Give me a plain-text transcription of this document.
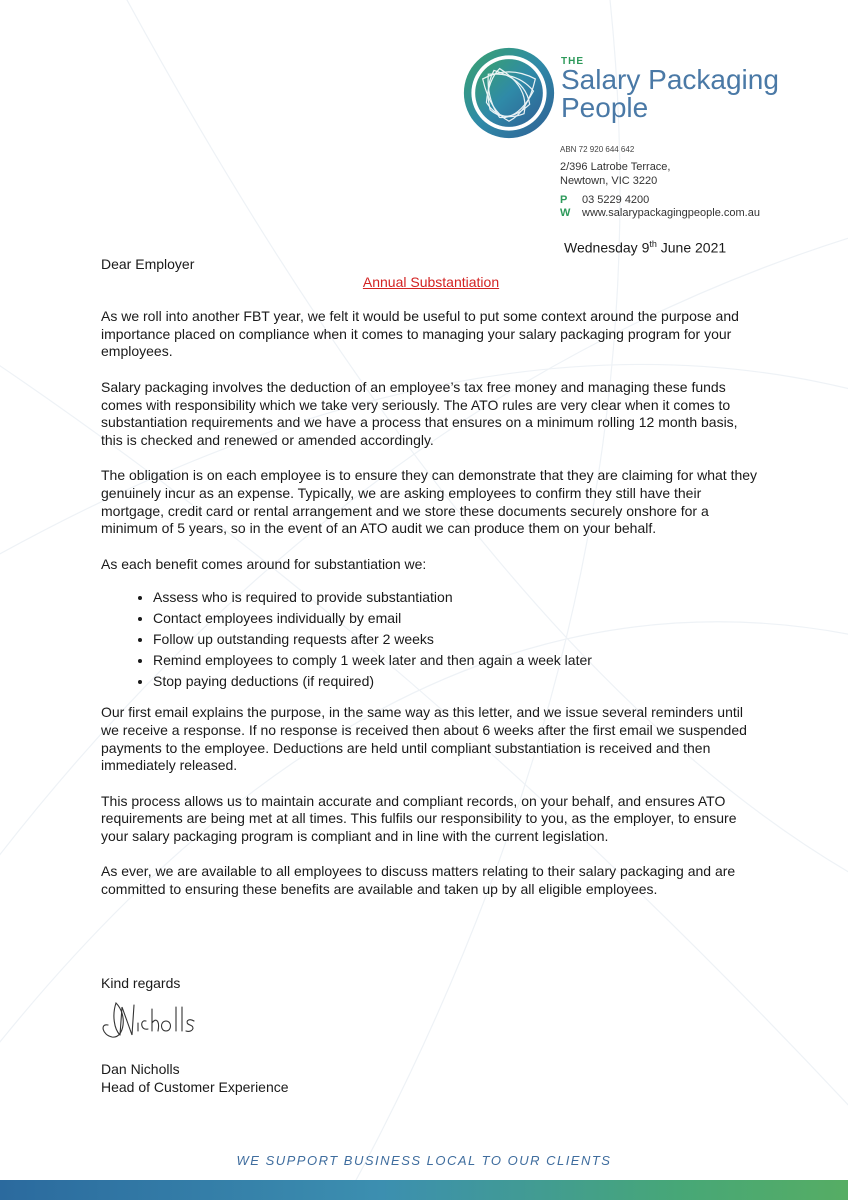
THE
Salary Packaging
People
ABN 72 920 644 642
2/396 Latrobe Terrace,
Newtown, VIC 3220
P 03 5229 4200
W www.salarypackagingpeople.com.au
Wednesday 9th June 2021

Dear Employer

Annual Substantiation

As we roll into another FBT year, we felt it would be useful to put some context around the purpose and importance placed on compliance when it comes to managing your salary packaging program for your employees.

Salary packaging involves the deduction of an employee’s tax free money and managing these funds comes with responsibility which we take very seriously. The ATO rules are very clear when it comes to substantiation requirements and we have a process that ensures on a minimum rolling 12 month basis, this is checked and renewed or amended accordingly.

The obligation is on each employee is to ensure they can demonstrate that they are claiming for what they genuinely incur as an expense. Typically, we are asking employees to confirm they still have their mortgage, credit card or rental arrangement and we store these documents securely onshore for a minimum of 5 years, so in the event of an ATO audit we can produce them on your behalf.

As each benefit comes around for substantiation we:

• Assess who is required to provide substantiation
• Contact employees individually by email
• Follow up outstanding requests after 2 weeks
• Remind employees to comply 1 week later and then again a week later
• Stop paying deductions (if required)

Our first email explains the purpose, in the same way as this letter, and we issue several reminders until we receive a response. If no response is received then about 6 weeks after the first email we suspended payments to the employee. Deductions are held until compliant substantiation is received and then immediately released.

This process allows us to maintain accurate and compliant records, on your behalf, and ensures ATO requirements are being met at all times. This fulfils our responsibility to you, as the employer, to ensure your salary packaging program is compliant and in line with the current legislation.

As ever, we are available to all employees to discuss matters relating to their salary packaging and are committed to ensuring these benefits are available and taken up by all eligible employees.

Kind regards
Dan Nicholls
Head of Customer Experience
WE SUPPORT BUSINESS LOCAL TO OUR CLIENTS
